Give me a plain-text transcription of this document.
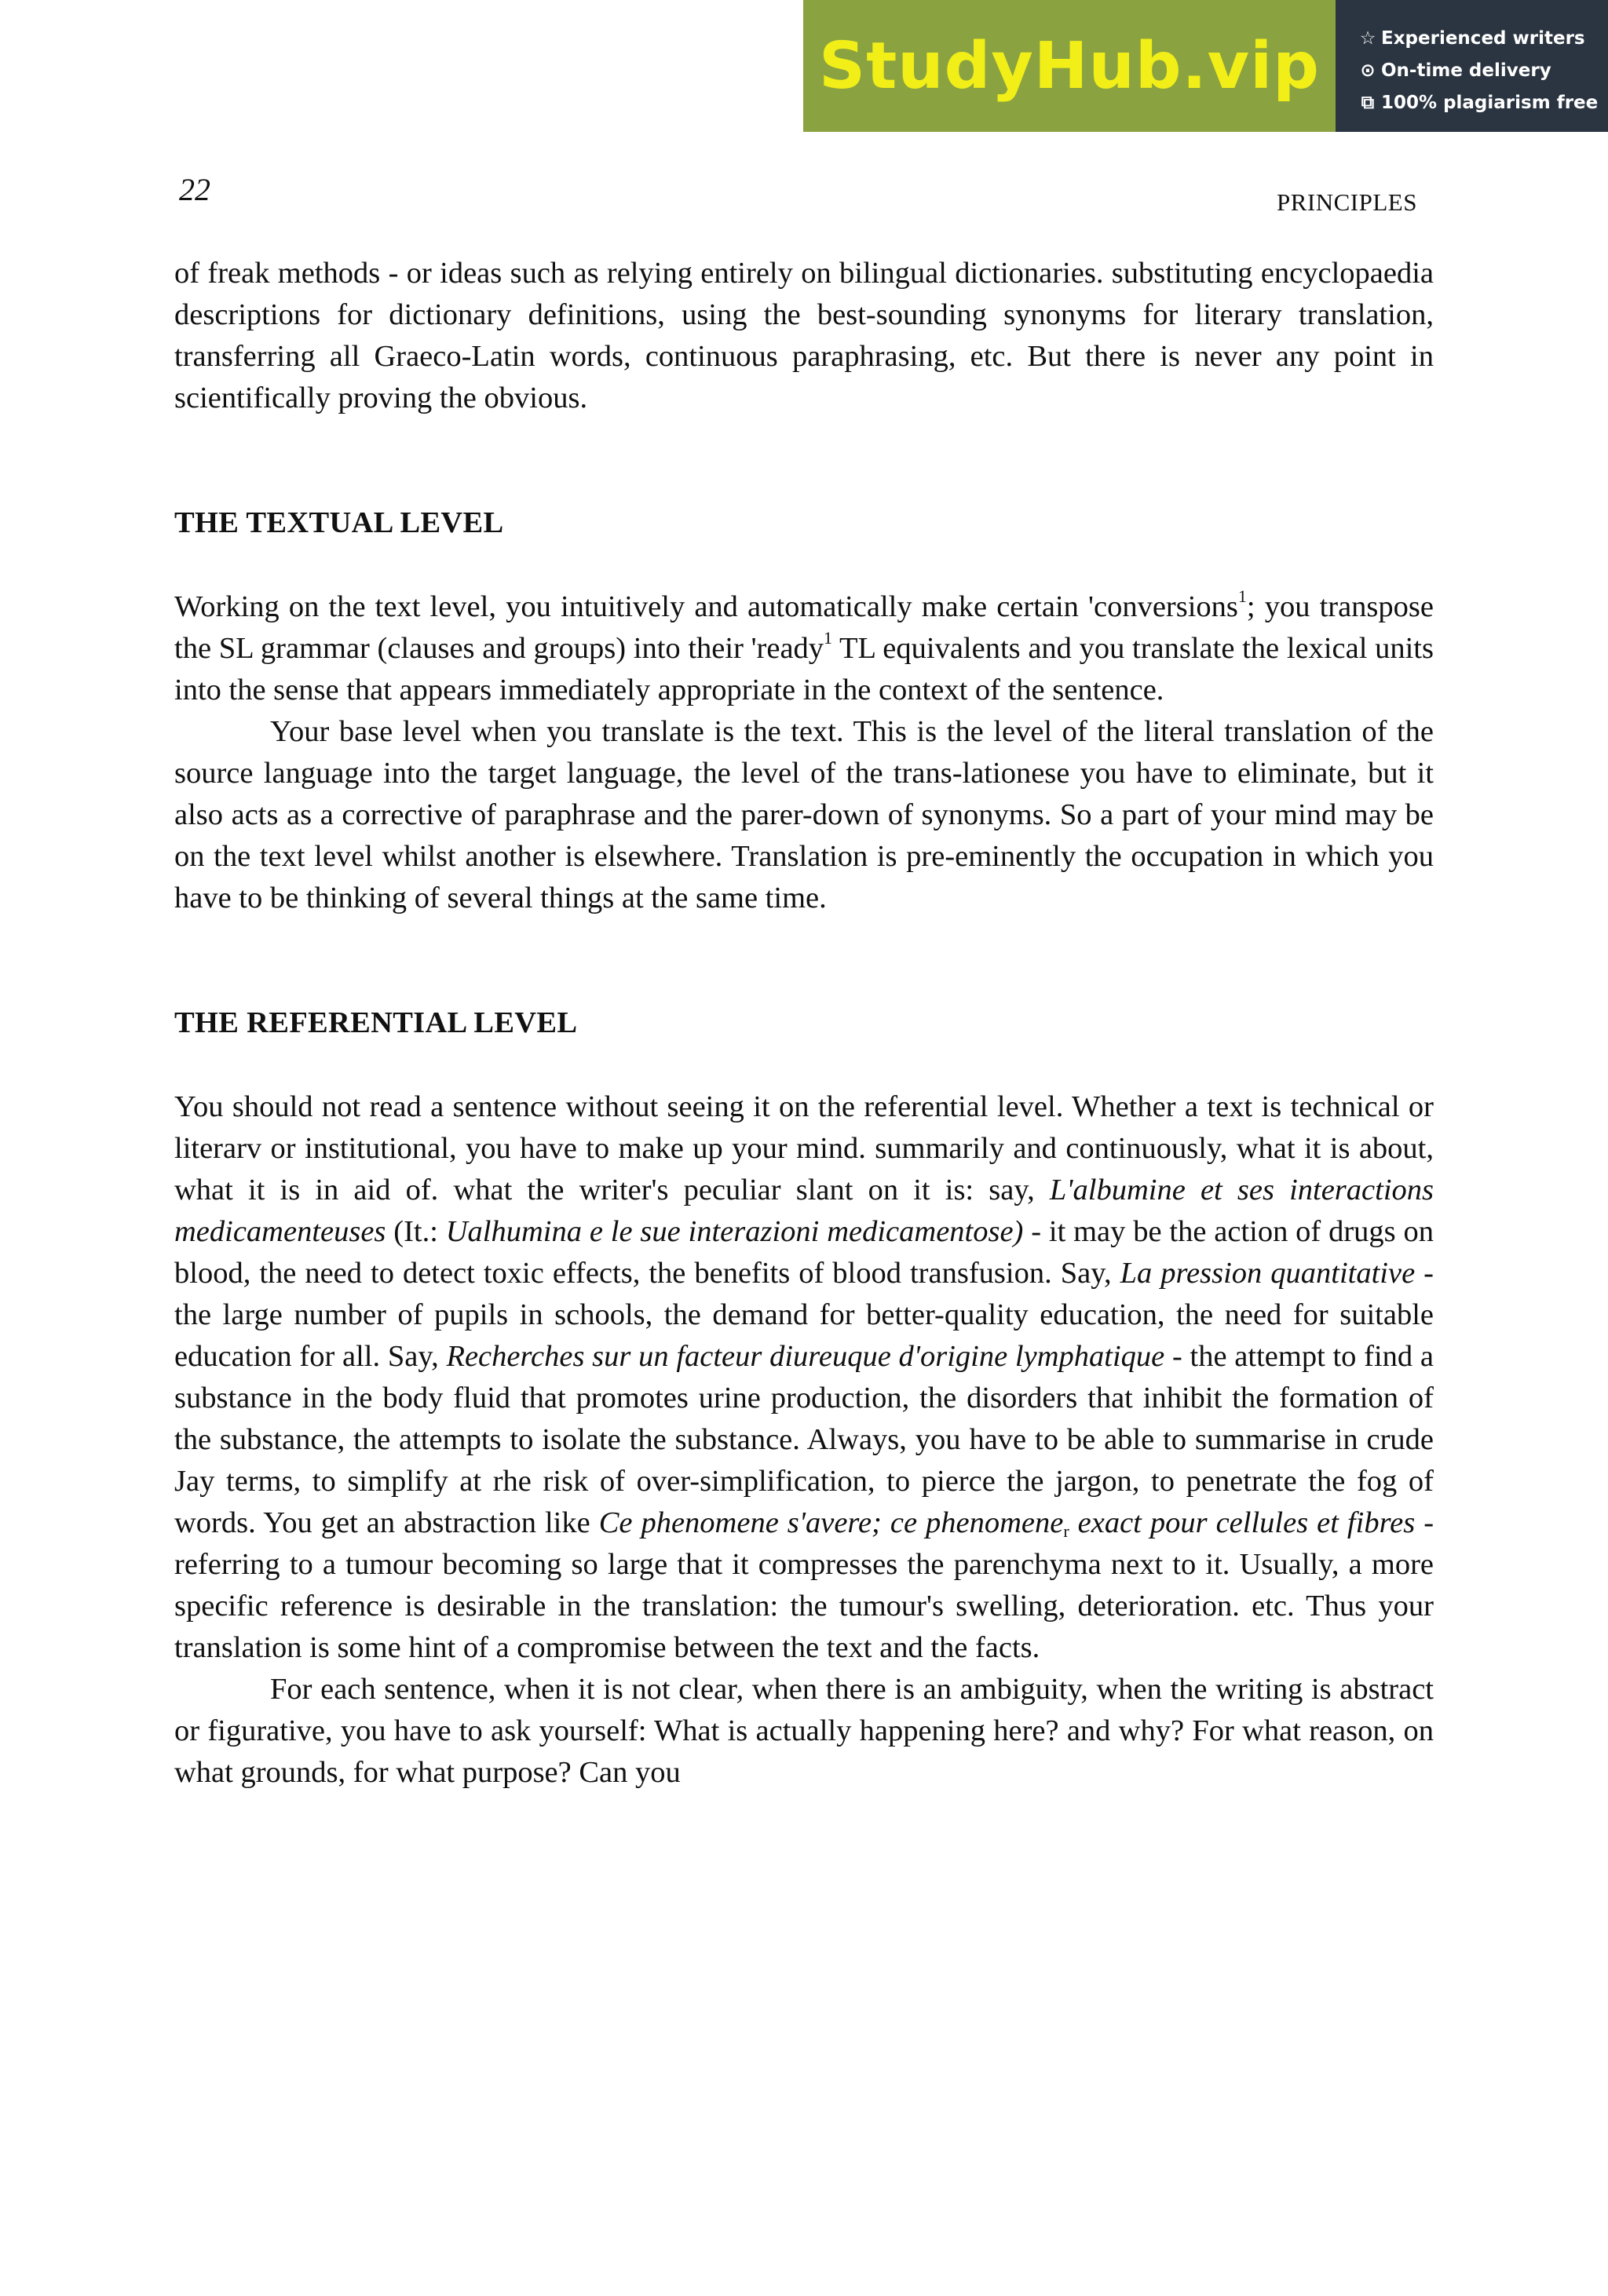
StudyHub.vip ☆ Experienced writers
⊙ On-time delivery
⧉ 100% plagiarism free
22	PRINCIPLES

of freak methods - or ideas such as relying entirely on bilingual dictionaries. substituting encyclopaedia descriptions for dictionary definitions, using the best-sounding synonyms for literary translation, transferring all Graeco-Latin words, continuous paraphrasing, etc. But there is never any point in scientifically proving the obvious.

THE TEXTUAL LEVEL

Working on the text level, you intuitively and automatically make certain 'conversions$^1$; you transpose the SL grammar (clauses and groups) into their 'ready$^1$ TL equivalents and you translate the lexical units into the sense that appears immediately appropriate in the context of the sentence.

Your base level when you translate is the text. This is the level of the literal translation of the source language into the target language, the level of the trans-lationese you have to eliminate, but it also acts as a corrective of paraphrase and the parer-down of synonyms. So a part of your mind may be on the text level whilst another is elsewhere. Translation is pre-eminently the occupation in which you have to be thinking of several things at the same time.

THE REFERENTIAL LEVEL

You should not read a sentence without seeing it on the referential level. Whether a text is technical or literarv or institutional, you have to make up your mind. summarily and continuously, what it is about, what it is in aid of. what the writer's peculiar slant on it is: say, L'albumine et ses interactions medicamenteuses (It.: Ualhumina e le sue interazioni medicamentose) - it may be the action of drugs on blood, the need to detect toxic effects, the benefits of blood transfusion. Say, La pression quantitative - the large number of pupils in schools, the demand for better-quality education, the need for suitable education for all. Say, Recherches sur un facteur diureuque d'origine lymphatique - the attempt to find a substance in the body fluid that promotes urine production, the disorders that inhibit the formation of the substance, the attempts to isolate the substance. Always, you have to be able to summarise in crude Jay terms, to simplify at rhe risk of over-simplification, to pierce the jargon, to penetrate the fog of words. You get an abstraction like Ce phenomene s'avere; ce phenomene$_r$ exact pour cellules et fibres - referring to a tumour becoming so large that it compresses the parenchyma next to it. Usually, a more specific reference is desirable in the translation: the tumour's swelling, deterioration. etc. Thus your translation is some hint of a compromise between the text and the facts.

For each sentence, when it is not clear, when there is an ambiguity, when the writing is abstract or figurative, you have to ask yourself: What is actually happening here? and why? For what reason, on what grounds, for what purpose? Can you
